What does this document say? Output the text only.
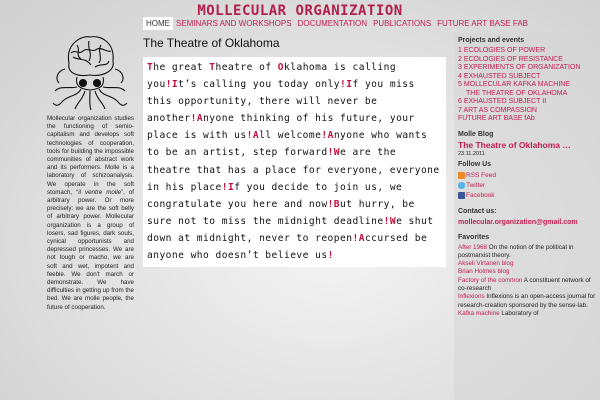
MOLLECULAR ORGANIZATION
HOME SEMINARS AND WORKSHOPS DOCUMENTATION PUBLICATIONS FUTURE ART BASE FAB

Mollecular organization studies the functioning of semio-capitalism and develops soft technologies of cooperation, tools for building the impossible communities of abstract work and its performers. Molle is a laboratory of schizoanalysis. We operate in the soft stomach, “il ventre molle”, of arbitrary power. Or more precisely: we are the soft belly of arbitrary power. Mollecular organization is a group of losers, sad figures, dark souls, cynical opportunists and depressed princesses. We are not tough or macho, we are soft and wet, impotent and feeble. We don't march or demonstrate. We have difficulties in getting up from the bed. We are molle people, the future of cooperation.

The Theatre of Oklahoma
The great Theatre of Oklahoma is calling you!It’s calling you today only!If you miss this opportunity, there will never be another!Anyone thinking of his future, your place is with us!All welcome!Anyone who wants to be an artist, step forward!We are the theatre that has a place for everyone, everyone in his place!If you decide to join us, we congratulate you here and now!But hurry, be sure not to miss the midnight deadline!We shut down at midnight, never to reopen!Accursed be anyone who doesn’t believe us!
Projects and events
1 ECOLOGIES OF POWER
2 ECOLOGIES OF RESISTANCE
3 EXPERIMENTS OF ORGANIZATION
4 EXHAUSTED SUBJECT
5 MOLLECULAR KAFKA MACHINE
THE THEATRE OF OKLAHOMA
6 EXHAUSTED SUBJECT II
7 ART AS COMPASSION
FUTURE ART BASE fAb
Molle Blog
The Theatre of Oklahoma …
23.11.2011
Follow Us
RSS Feed
Twitter
Facebook
Contact us:
mollecular.organization@gmail.com
Favorites

After 1968 On the notion of the political in postmarxist theory.

Akseli Virtanen blog

Brian Holmes blog

Factory of the common A constituent network of co-research

Inflexions Inflexions is an open-access journal for research-creation sponsored by the sense-lab.

Kafka machine Laboratory of
